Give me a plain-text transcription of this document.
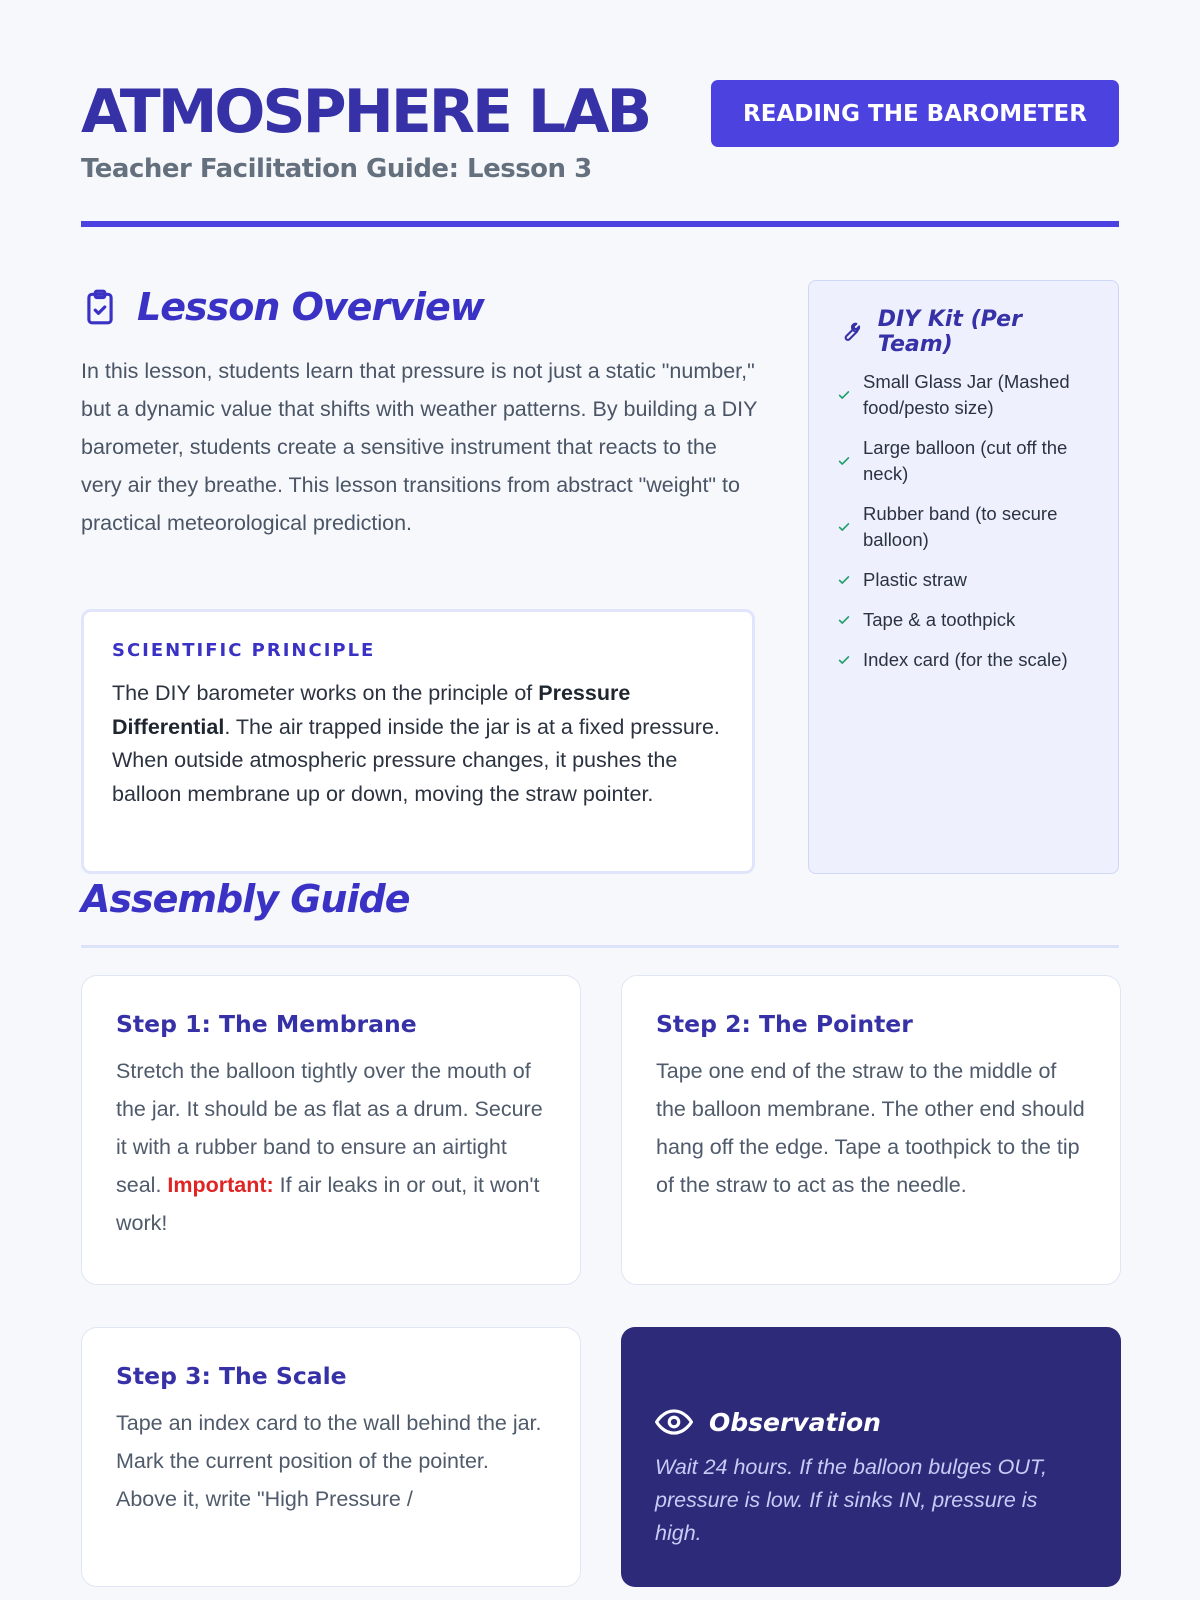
ATMOSPHERE LAB
Teacher Facilitation Guide: Lesson 3
READING THE BAROMETER
Lesson Overview

In this lesson, students learn that pressure is not just a static "number," but a dynamic value that shifts with weather patterns. By building a DIY barometer, students create a sensitive instrument that reacts to the very air they breathe. This lesson transitions from abstract "weight" to practical meteorological prediction.

SCIENTIFIC PRINCIPLE

The DIY barometer works on the principle of Pressure Differential. The air trapped inside the jar is at a fixed pressure. When outside atmospheric pressure changes, it pushes the balloon membrane up or down, moving the straw pointer.

DIY Kit (Per Team)
Small Glass Jar (Mashed food/pesto size)
Large balloon (cut off the neck)
Rubber band (to secure balloon)
Plastic straw
Tape & a toothpick
Index card (for the scale)
Assembly Guide
Step 1: The Membrane

Stretch the balloon tightly over the mouth of the jar. It should be as flat as a drum. Secure it with a rubber band to ensure an airtight seal. Important: If air leaks in or out, it won't work!

Step 2: The Pointer

Tape one end of the straw to the middle of the balloon membrane. The other end should hang off the edge. Tape a toothpick to the tip of the straw to act as the needle.

Step 3: The Scale

Tape an index card to the wall behind the jar. Mark the current position of the pointer. Above it, write "High Pressure /

Observation

Wait 24 hours. If the balloon bulges OUT, pressure is low. If it sinks IN, pressure is high.
